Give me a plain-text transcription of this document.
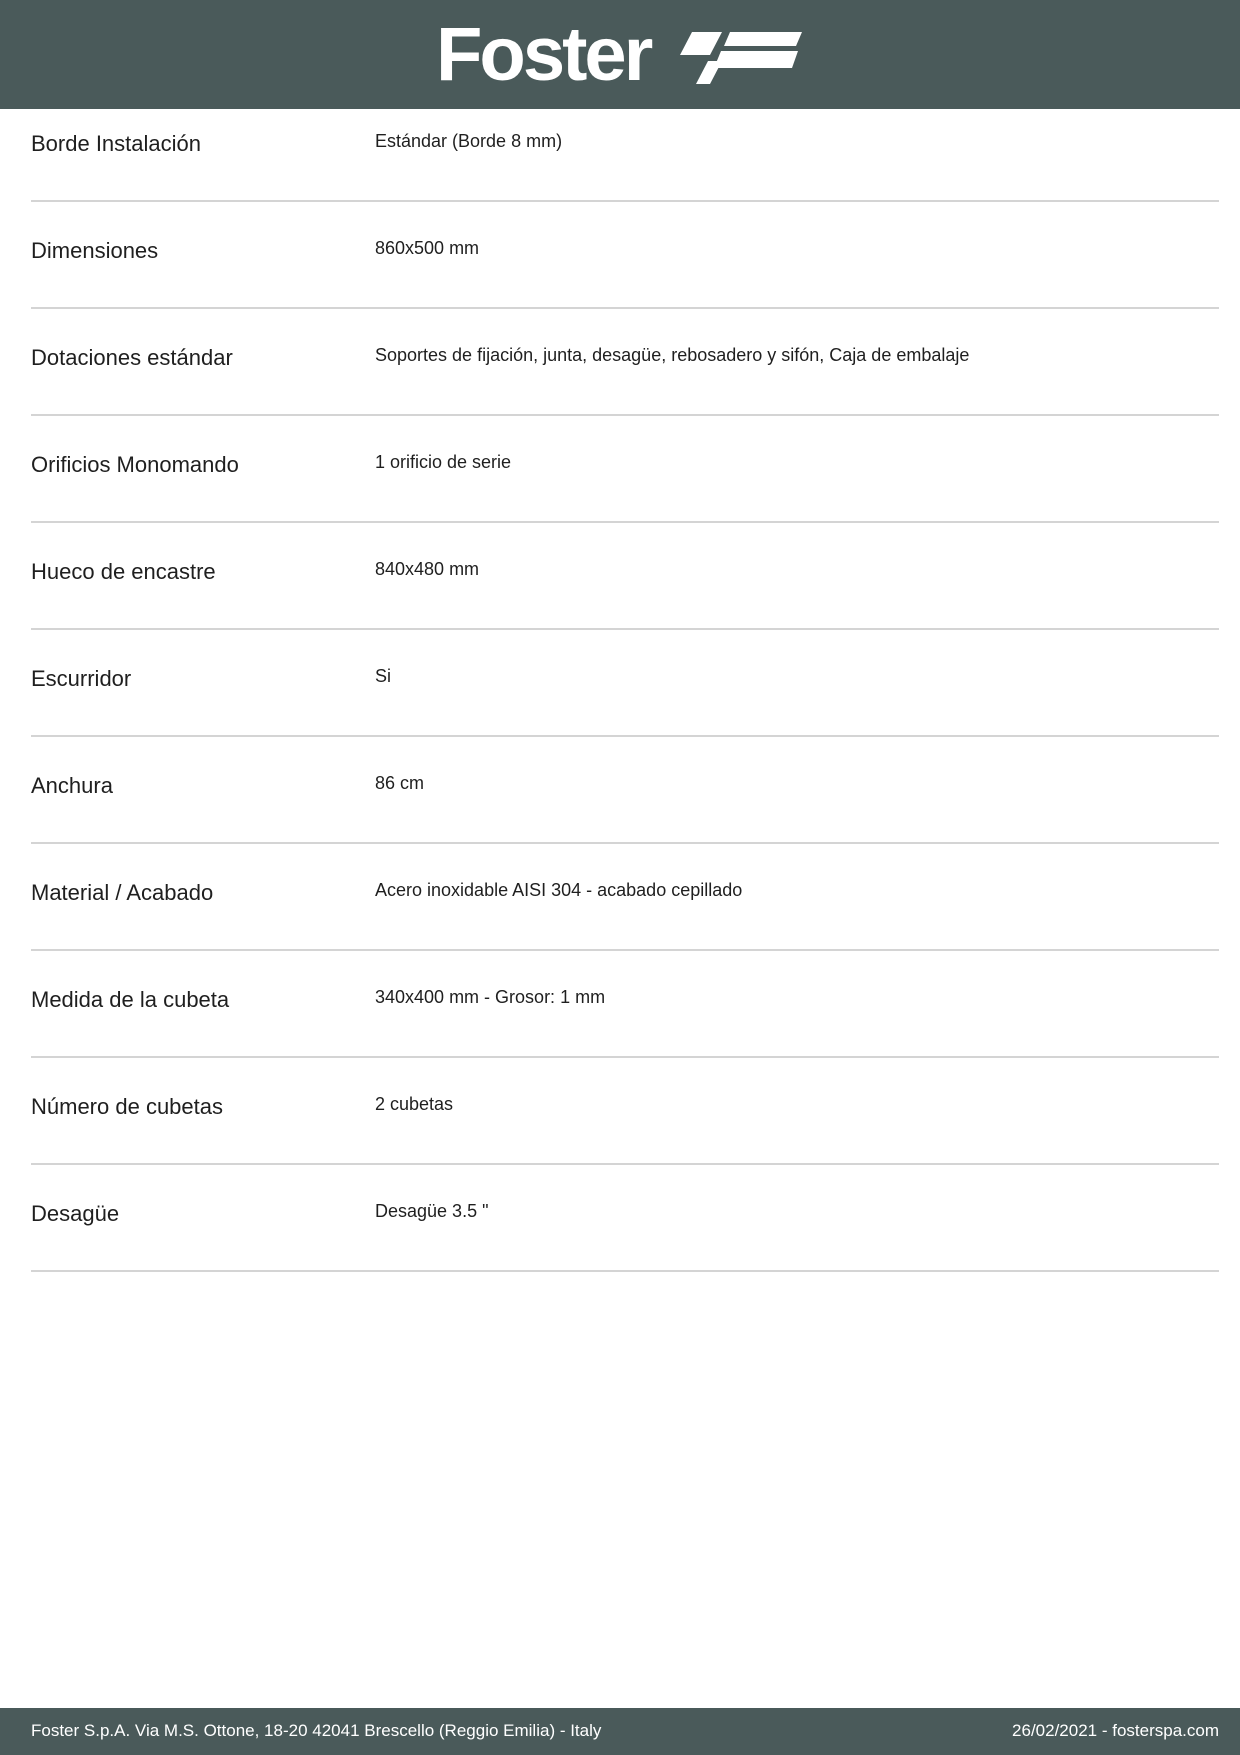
Foster
Borde Instalación	Estándar (Borde 8 mm)
Dimensiones	860x500 mm
Dotaciones estándar	Soportes de fijación, junta, desagüe, rebosadero y sifón, Caja de embalaje
Orificios Monomando	1 orificio de serie
Hueco de encastre	840x480 mm
Escurridor	Si
Anchura	86 cm
Material / Acabado	Acero inoxidable AISI 304 - acabado cepillado
Medida de la cubeta	340x400 mm - Grosor: 1 mm
Número de cubetas	2 cubetas
Desagüe	Desagüe 3.5 "
Foster S.p.A. Via M.S. Ottone, 18-20 42041 Brescello (Reggio Emilia) - Italy	26/02/2021 - fosterspa.com
